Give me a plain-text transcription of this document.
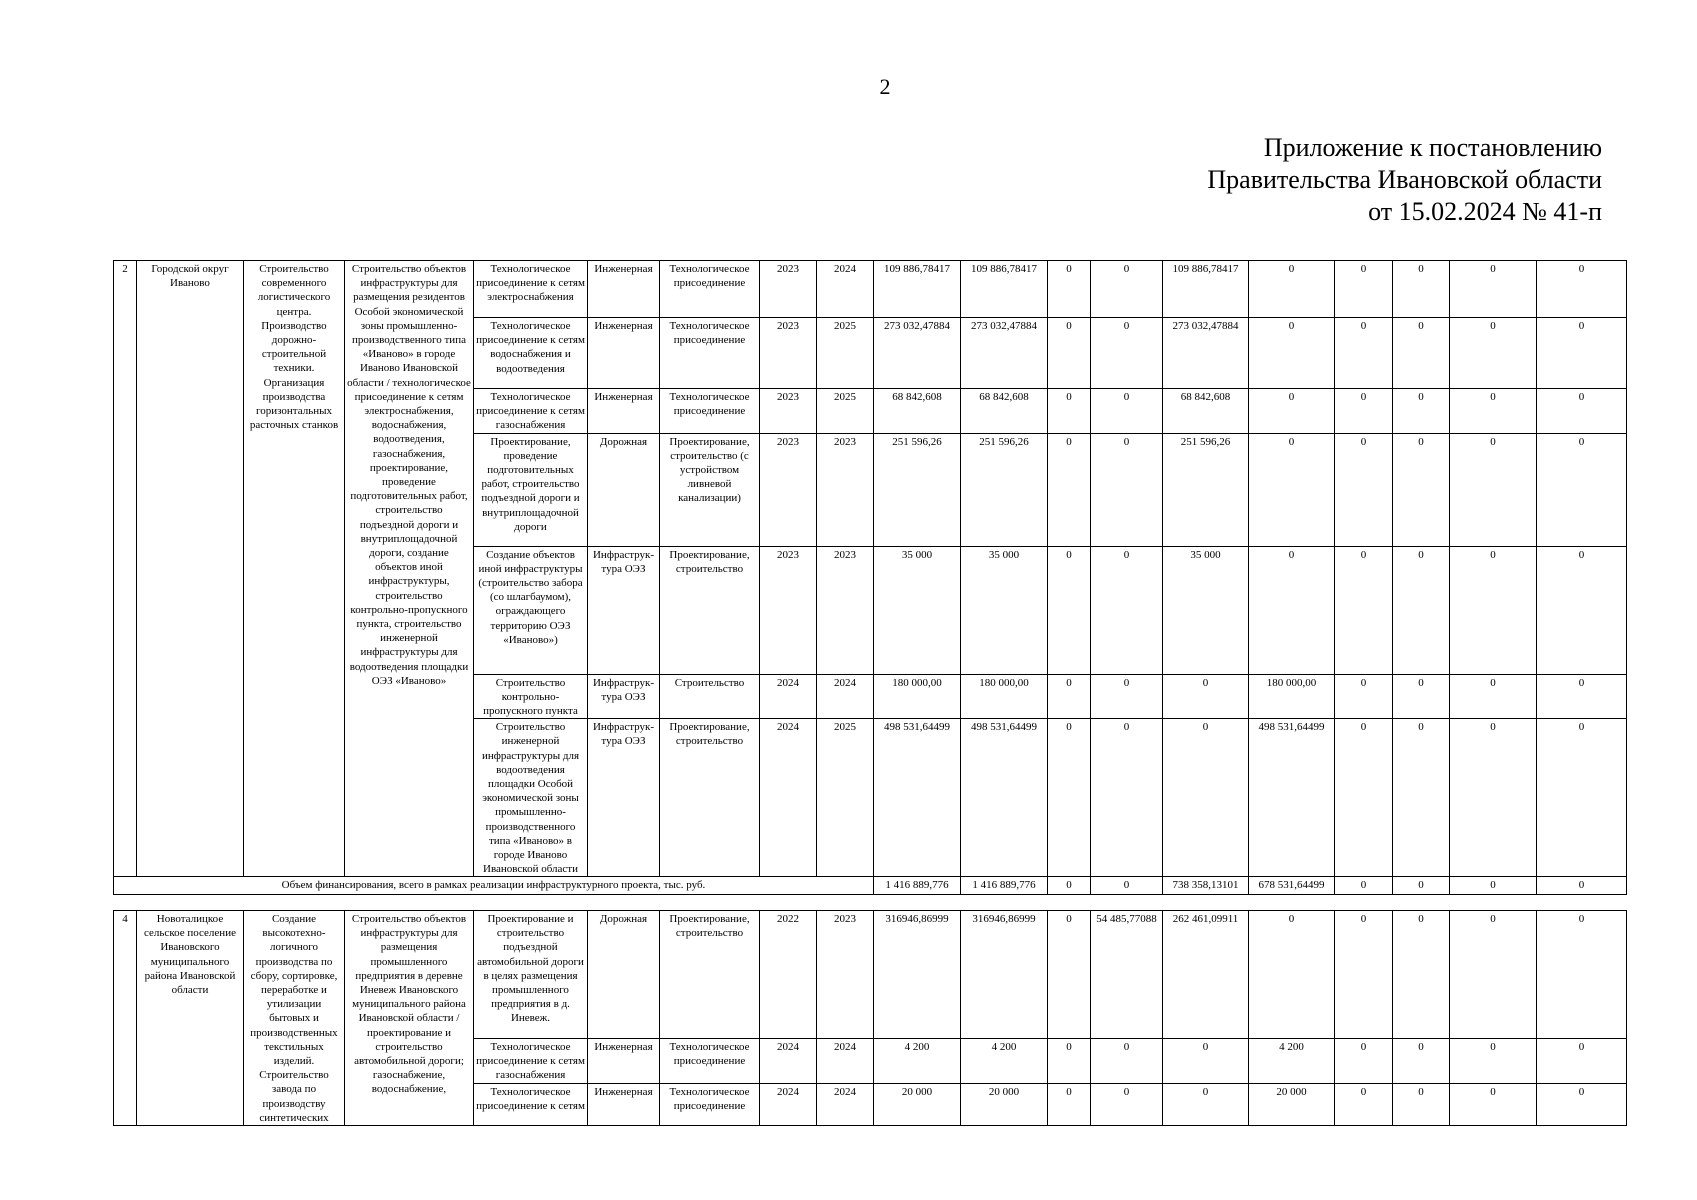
2
Приложение к постановлению
Правительства Ивановской области
от 15.02.2024 № 41-п
2	Городской округ Иваново	Строительство современного логистического центра. Производство дорожно-строительной техники. Организация производства горизонтальных расточных станков	Строительство объектов инфраструктуры для размещения резидентов Особой экономической зоны промышленно-производственного типа «Иваново» в городе Иваново Ивановской области / технологическое присоединение к сетям электроснабжения, водоснабжения, водоотведения, газоснабжения, проектирование, проведение подготовительных работ, строительство подъездной дороги и внутриплощадочной дороги, создание объектов иной инфраструктуры, строительство контрольно-пропускного пункта, строительство инженерной инфраструктуры для водоотведения площадки ОЭЗ «Иваново»	Технологическое присоединение к сетям электроснабжения	Инженерная	Технологическое присоединение	2023	2024	109 886,78417	109 886,78417	0	0	109 886,78417	0	0	0	0	0
				Технологическое присоединение к сетям водоснабжения и водоотведения	Инженерная	Технологическое присоединение	2023	2025	273 032,47884	273 032,47884	0	0	273 032,47884	0	0	0	0	0
				Технологическое присоединение к сетям газоснабжения	Инженерная	Технологическое присоединение	2023	2025	68 842,608	68 842,608	0	0	68 842,608	0	0	0	0	0
				Проектирование, проведение подготовительных работ, строительство подъездной дороги и внутриплощадочной дороги	Дорожная	Проектирование, строительство (с устройством ливневой канализации)	2023	2023	251 596,26	251 596,26	0	0	251 596,26	0	0	0	0	0
				Создание объектов иной инфраструктуры (строительство забора (со шлагбаумом), ограждающего территорию ОЭЗ «Иваново»)	Инфраструк-тура ОЭЗ	Проектирование, строительство	2023	2023	35 000	35 000	0	0	35 000	0	0	0	0	0
				Строительство контрольно-пропускного пункта	Инфраструк-тура ОЭЗ	Строительство	2024	2024	180 000,00	180 000,00	0	0	0	180 000,00	0	0	0	0
				Строительство инженерной инфраструктуры для водоотведения площадки Особой экономической зоны промышленно-производственного типа «Иваново» в городе Иваново Ивановской области	Инфраструк-тура ОЭЗ	Проектирование, строительство	2024	2025	498 531,64499	498 531,64499	0	0	0	498 531,64499	0	0	0	0
Объем финансирования, всего в рамках реализации инфраструктурного проекта, тыс. руб.									1 416 889,776	1 416 889,776	0	0	738 358,13101	678 531,64499	0	0	0	0
4	Новоталицкое сельское поселение Ивановского муниципального района Ивановской области	Создание высокотехно-логичного производства по сбору, сортировке, переработке и утилизации бытовых и производственных текстильных изделий. Строительство завода по производству синтетических	Строительство объектов инфраструктуры для размещения промышленного предприятия в деревне Иневеж Ивановского муниципального района Ивановской области / проектирование и строительство автомобильной дороги; газоснабжение, водоснабжение,	Проектирование и строительство подъездной автомобильной дороги в целях размещения промышленного предприятия в д. Иневеж.	Дорожная	Проектирование, строительство	2022	2023	316946,86999	316946,86999	0	54 485,77088	262 461,09911	0	0	0	0	0
				Технологическое присоединение к сетям газоснабжения	Инженерная	Технологическое присоединение	2024	2024	4 200	4 200	0	0	0	4 200	0	0	0	0
				Технологическое присоединение к сетям	Инженерная	Технологическое присоединение	2024	2024	20 000	20 000	0	0	0	20 000	0	0	0	0
